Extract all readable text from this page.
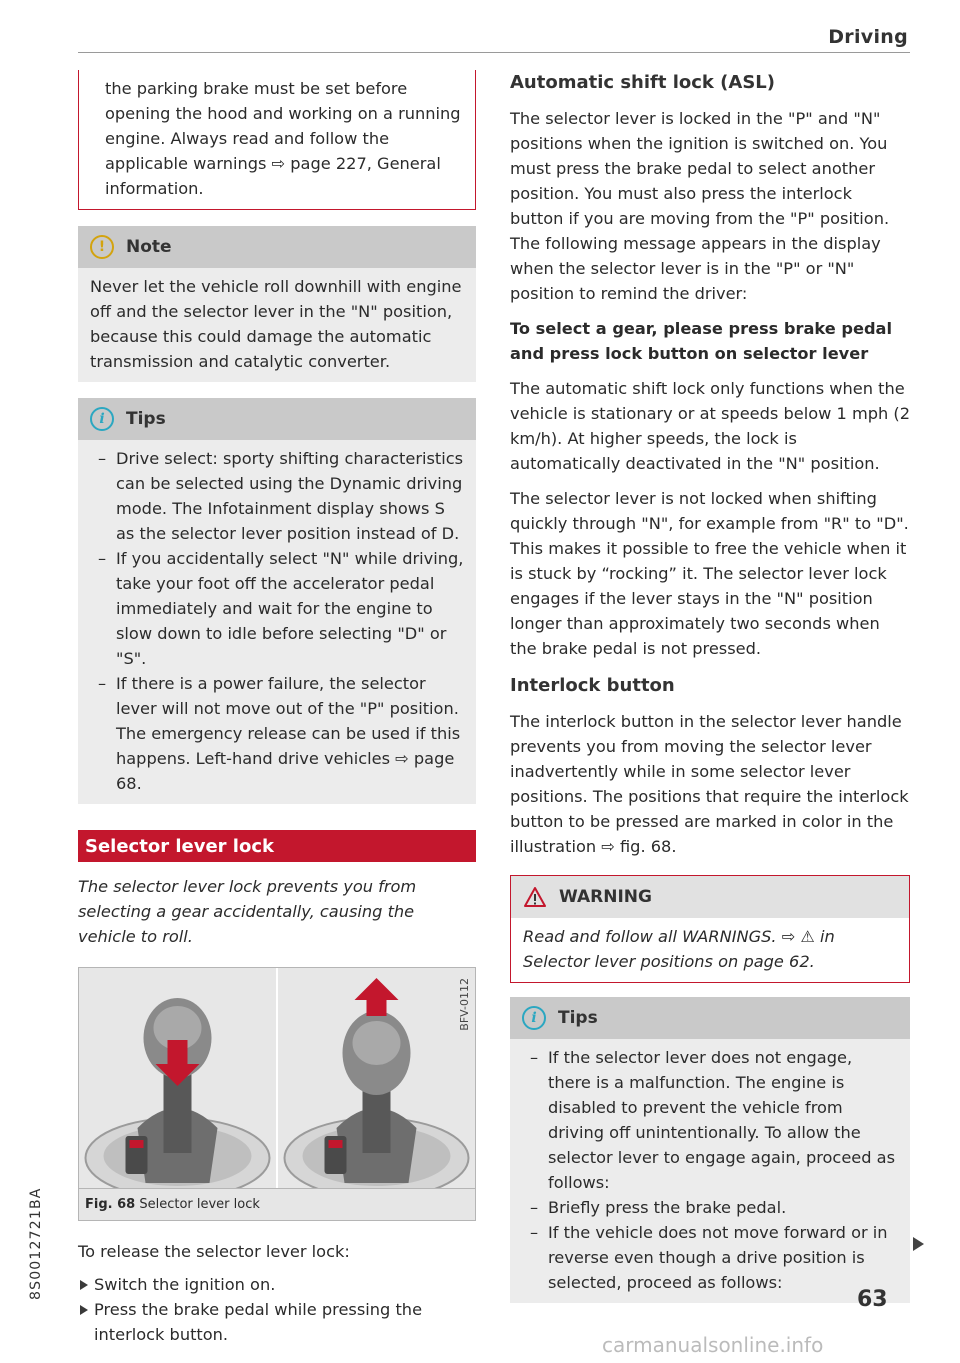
Driving
8S0012721BA

the parking brake must be set before opening the hood and working on a running engine. Always read and follow the applicable warnings ⇨ page 227, General information.

!	Note

Never let the vehicle roll downhill with engine off and the selector lever in the "N" position, because this could damage the automatic transmission and catalytic converter.

i	Tips
– Drive select: sporty shifting characteristics can be selected using the Dynamic driving mode. The Infotainment display shows S as the selector lever position instead of D.
– If you accidentally select "N" while driving, take your foot off the accelerator pedal immediately and wait for the engine to slow down to idle before selecting "D" or "S".
– If there is a power failure, the selector lever will not move out of the "P" position. The emergency release can be used if this happens. Left-hand drive vehicles ⇨ page 68.
Selector lever lock

The selector lever lock prevents you from selecting a gear accidentally, causing the vehicle to roll.

BFV-0112
Fig. 68 Selector lever lock

To release the selector lever lock:

Switch the ignition on.
Press the brake pedal while pressing the interlock button.
Automatic shift lock (ASL)

The selector lever is locked in the "P" and "N" positions when the ignition is switched on. You must press the brake pedal to select another position. You must also press the interlock button if you are moving from the "P" position. The following message appears in the display when the selector lever is in the "P" or "N" position to remind the driver:

To select a gear, please press brake pedal and press lock button on selector lever

The automatic shift lock only functions when the vehicle is stationary or at speeds below 1 mph (2 km/h). At higher speeds, the lock is automatically deactivated in the "N" position.

The selector lever is not locked when shifting quickly through "N", for example from "R" to "D". This makes it possible to free the vehicle when it is stuck by “rocking” it. The selector lever lock engages if the lever stays in the "N" position longer than approximately two seconds when the brake pedal is not pressed.

Interlock button

The interlock button in the selector lever handle prevents you from moving the selector lever inadvertently while in some selector lever positions. The positions that require the interlock button to be pressed are marked in color in the illustration ⇨ fig. 68.

WARNING

Read and follow all WARNINGS. ⇨ ⚠ in Selector lever positions on page 62.

i	Tips
– If the selector lever does not engage, there is a malfunction. The engine is disabled to prevent the vehicle from driving off unintentionally. To allow the selector lever to engage again, proceed as follows:
– Briefly press the brake pedal.
– If the vehicle does not move forward or in reverse even though a drive position is selected, proceed as follows:
63
carmanualsonline.info
